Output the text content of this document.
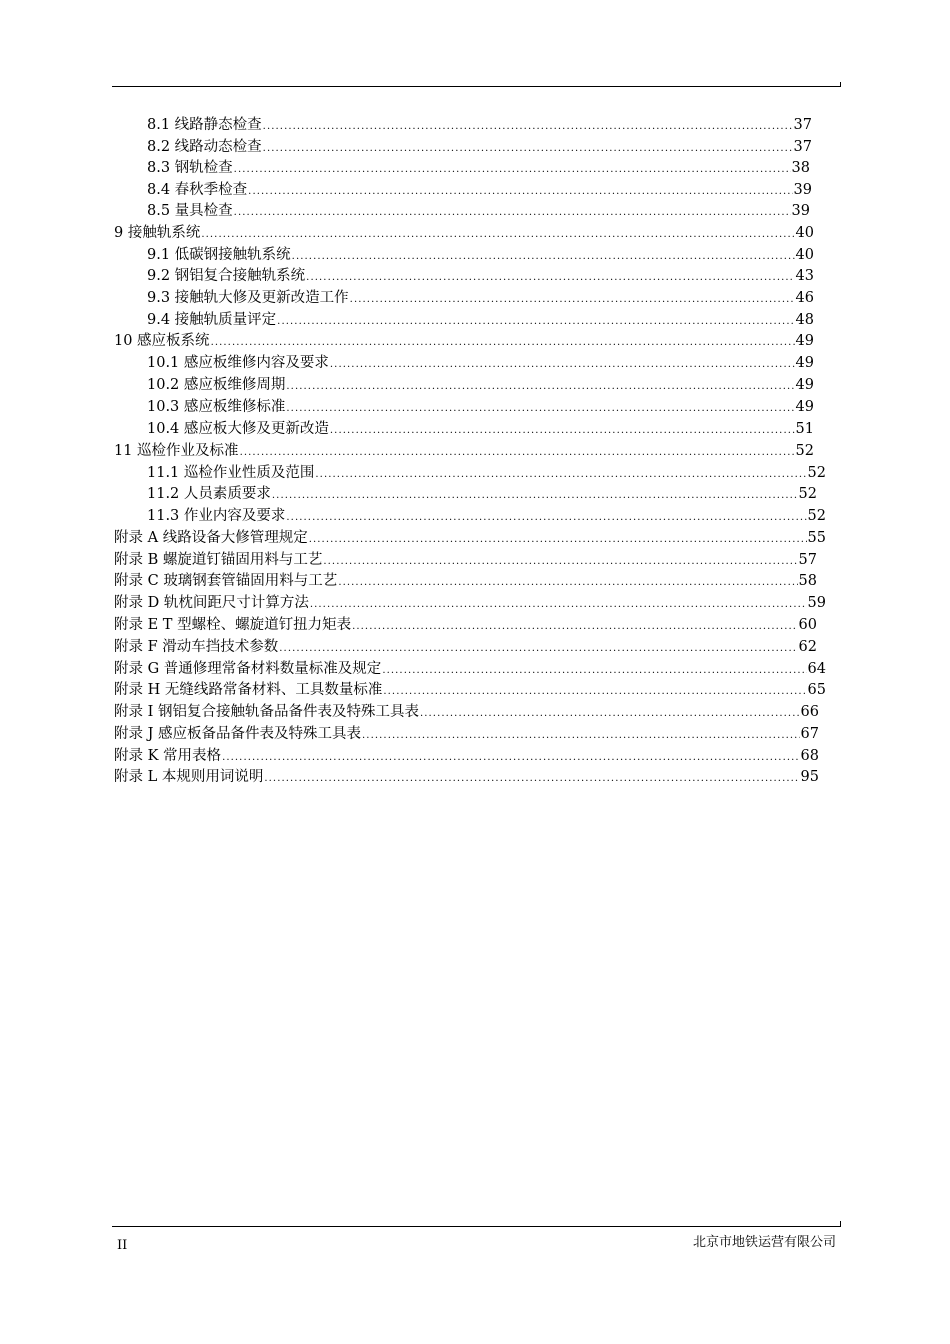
8.1 线路静态检查 .....	37
8.2 线路动态检查 .....	37
8.3 钢轨检查 .....	38
8.4 春秋季检查 .....	39
8.5 量具检查 .....	39
9 接触轨系统 .....	40
9.1 低碳钢接触轨系统 .....	40
9.2 钢铝复合接触轨系统 .....	43
9.3 接触轨大修及更新改造工作 .....	46
9.4 接触轨质量评定 .....	48
10 感应板系统 .....	49
10.1 感应板维修内容及要求 .....	49
10.2 感应板维修周期 .....	49
10.3 感应板维修标准 .....	49
10.4 感应板大修及更新改造 .....	51
11 巡检作业及标准 .....	52
11.1 巡检作业性质及范围 .....	52
11.2 人员素质要求 .....	52
11.3 作业内容及要求 .....	52
附录 A 线路设备大修管理规定 .....	55
附录 B 螺旋道钉锚固用料与工艺 .....	57
附录 C 玻璃钢套管锚固用料与工艺 .....	58
附录 D 轨枕间距尺寸计算方法 .....	59
附录 E T 型螺栓、螺旋道钉扭力矩表 .....	60
附录 F 滑动车挡技术参数 .....	62
附录 G 普通修理常备材料数量标准及规定 .....	64
附录 H 无缝线路常备材料、工具数量标准 .....	65
附录 I 钢铝复合接触轨备品备件表及特殊工具表 .....	66
附录 J 感应板备品备件表及特殊工具表 .....	67
附录 K 常用表格 .....	68
附录 L 本规则用词说明 .....	95
II	北京市地铁运营有限公司
